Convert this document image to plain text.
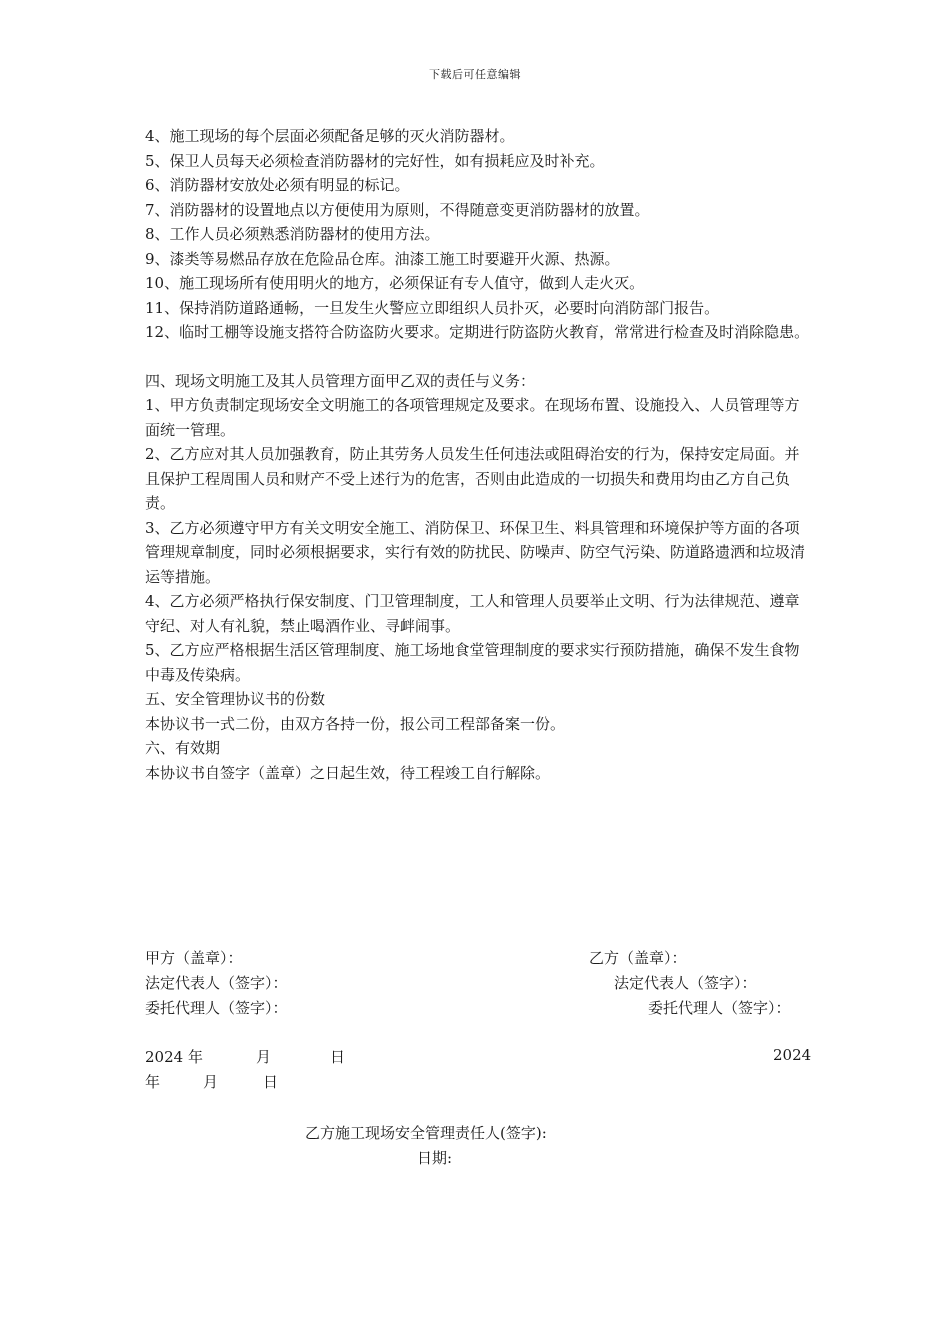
下载后可任意编辑

4、施工现场的每个层面必须配备足够的灭火消防器材。

5、保卫人员每天必须检查消防器材的完好性，如有损耗应及时补充。

6、消防器材安放处必须有明显的标记。

7、消防器材的设置地点以方便使用为原则，不得随意变更消防器材的放置。

8、工作人员必须熟悉消防器材的使用方法。

9、漆类等易燃品存放在危险品仓库。油漆工施工时要避开火源、热源。

10、施工现场所有使用明火的地方，必须保证有专人值守，做到人走火灭。

11、保持消防道路通畅，一旦发生火警应立即组织人员扑灭，必要时向消防部门报告。

12、临时工棚等设施支搭符合防盗防火要求。定期进行防盗防火教育，常常进行检查及时消除隐患。

四、现场文明施工及其人员管理方面甲乙双的责任与义务：

1、甲方负责制定现场安全文明施工的各项管理规定及要求。在现场布置、设施投入、人员管理等方面统一管理。

2、乙方应对其人员加强教育，防止其劳务人员发生任何违法或阻碍治安的行为，保持安定局面。并且保护工程周围人员和财产不受上述行为的危害，否则由此造成的一切损失和费用均由乙方自己负责。

3、乙方必须遵守甲方有关文明安全施工、消防保卫、环保卫生、料具管理和环境保护等方面的各项管理规章制度，同时必须根据要求，实行有效的防扰民、防噪声、防空气污染、防道路遗洒和垃圾清运等措施。

4、乙方必须严格执行保安制度、门卫管理制度，工人和管理人员要举止文明、行为法律规范、遵章守纪、对人有礼貌，禁止喝酒作业、寻衅闹事。

5、乙方应严格根据生活区管理制度、施工场地食堂管理制度的要求实行预防措施，确保不发生食物中毒及传染病。

五、安全管理协议书的份数

本协议书一式二份，由双方各持一份，报公司工程部备案一份。

六、有效期

本协议书自签字（盖章）之日起生效，待工程竣工自行解除。

甲方（盖章）：	乙方（盖章）：
法定代表人（签字）：	法定代表人（签字）：
委托代理人（签字）：	委托代理人（签字）：
2024 年	月	日	2024
年	月	日
乙方施工现场安全管理责任人(签字):
日期:
